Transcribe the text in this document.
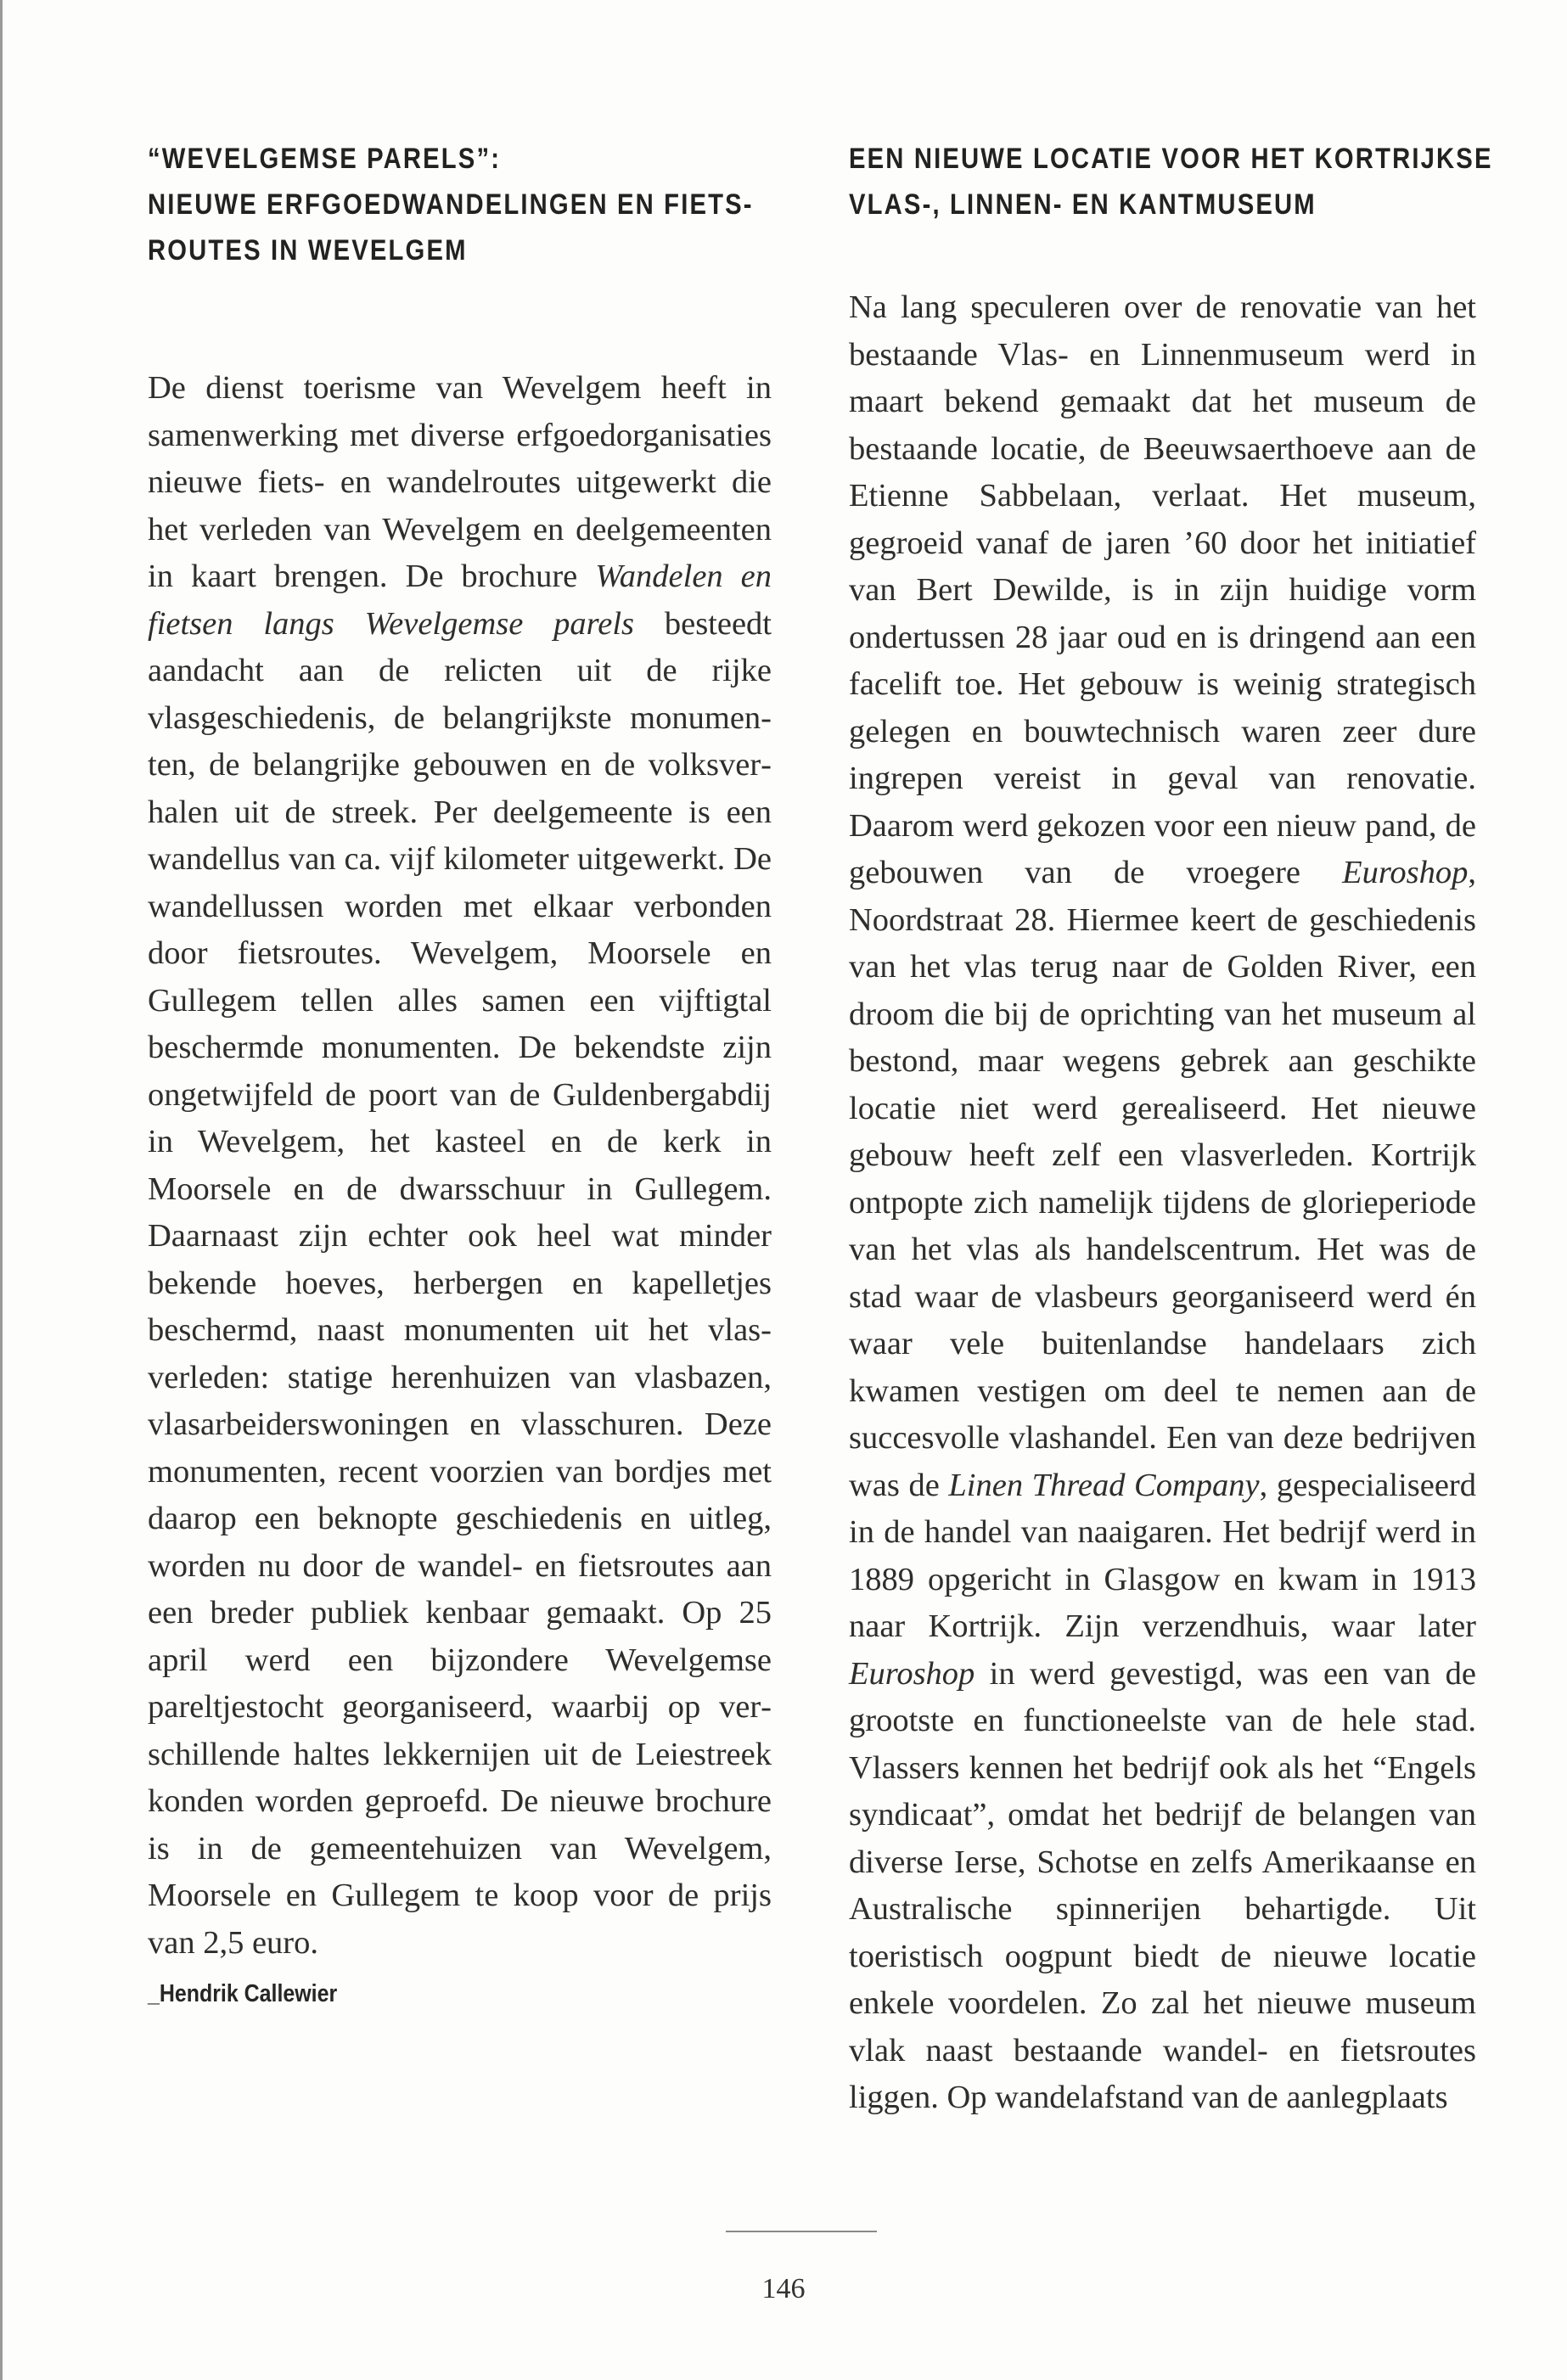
“WEVELGEMSE PARELS”:
NIEUWE ERFGOEDWANDELINGEN EN FIETS-
ROUTES IN WEVELGEM

De dienst toerisme van Wevelgem heeft in samenwerking met diverse erfgoedorganisaties nieuwe fiets- en wandelroutes uitgewerkt die het verleden van Wevelgem en deelgemeenten in kaart brengen. De brochure Wandelen en fietsen langs Wevelgemse parels besteedt aandacht aan de relicten uit de rijke vlasgeschiedenis, de belangrijkste monumenten, de belangrijke gebouwen en de volksverhalen uit de streek. Per deelgemeente is een wandellus van ca. vijf kilometer uitgewerkt. De wandellussen worden met elkaar verbonden door fietsroutes. Wevelgem, Moorsele en Gullegem tellen alles samen een vijftigtal beschermde monumenten. De bekendste zijn ongetwijfeld de poort van de Guldenbergabdij in Wevelgem, het kasteel en de kerk in Moorsele en de dwarsschuur in Gullegem. Daarnaast zijn echter ook heel wat minder bekende hoeves, herbergen en kapelletjes beschermd, naast monumenten uit het vlasverleden: statige herenhuizen van vlasbazen, vlasarbeiderswoningen en vlasschuren. Deze monumenten, recent voorzien van bordjes met daarop een beknopte geschiedenis en uitleg, worden nu door de wandel- en fietsroutes aan een breder publiek kenbaar gemaakt. Op 25 april werd een bijzondere Wevelgemse pareltjestocht georganiseerd, waarbij op verschillende haltes lekkernijen uit de Leiestreek konden worden geproefd. De nieuwe brochure is in de gemeentehuizen van Wevelgem, Moorsele en Gullegem te koop voor de prijs van 2,5 euro.

_Hendrik Callewier
EEN NIEUWE LOCATIE VOOR HET KORTRIJKSE
VLAS-, LINNEN- EN KANTMUSEUM

Na lang speculeren over de renovatie van het bestaande Vlas- en Linnenmuseum werd in maart bekend gemaakt dat het museum de bestaande locatie, de Beeuwsaerthoeve aan de Etienne Sabbelaan, verlaat. Het museum, gegroeid vanaf de jaren ’60 door het initiatief van Bert Dewilde, is in zijn huidige vorm ondertussen 28 jaar oud en is dringend aan een facelift toe. Het gebouw is weinig strategisch gelegen en bouwtechnisch waren zeer dure ingrepen vereist in geval van renovatie. Daarom werd gekozen voor een nieuw pand, de gebouwen van de vroegere Euroshop, Noordstraat 28. Hiermee keert de geschiedenis van het vlas terug naar de Golden River, een droom die bij de oprichting van het museum al bestond, maar wegens gebrek aan geschikte locatie niet werd gerealiseerd. Het nieuwe gebouw heeft zelf een vlasverleden. Kortrijk ontpopte zich namelijk tijdens de glorieperiode van het vlas als handelscentrum. Het was de stad waar de vlasbeurs georganiseerd werd én waar vele buitenlandse handelaars zich kwamen vestigen om deel te nemen aan de succesvolle vlashandel. Een van deze bedrijven was de Linen Thread Company, gespecialiseerd in de handel van naaigaren. Het bedrijf werd in 1889 opgericht in Glasgow en kwam in 1913 naar Kortrijk. Zijn verzendhuis, waar later Euroshop in werd gevestigd, was een van de grootste en functioneelste van de hele stad. Vlassers kennen het bedrijf ook als het “Engels syndicaat”, omdat het bedrijf de belangen van diverse Ierse, Schotse en zelfs Amerikaanse en Australische spinnerijen behartigde. Uit toeristisch oogpunt biedt de nieuwe locatie enkele voordelen. Zo zal het nieuwe museum vlak naast bestaande wandel- en fietsroutes liggen. Op wandelafstand van de aanlegplaats

146
